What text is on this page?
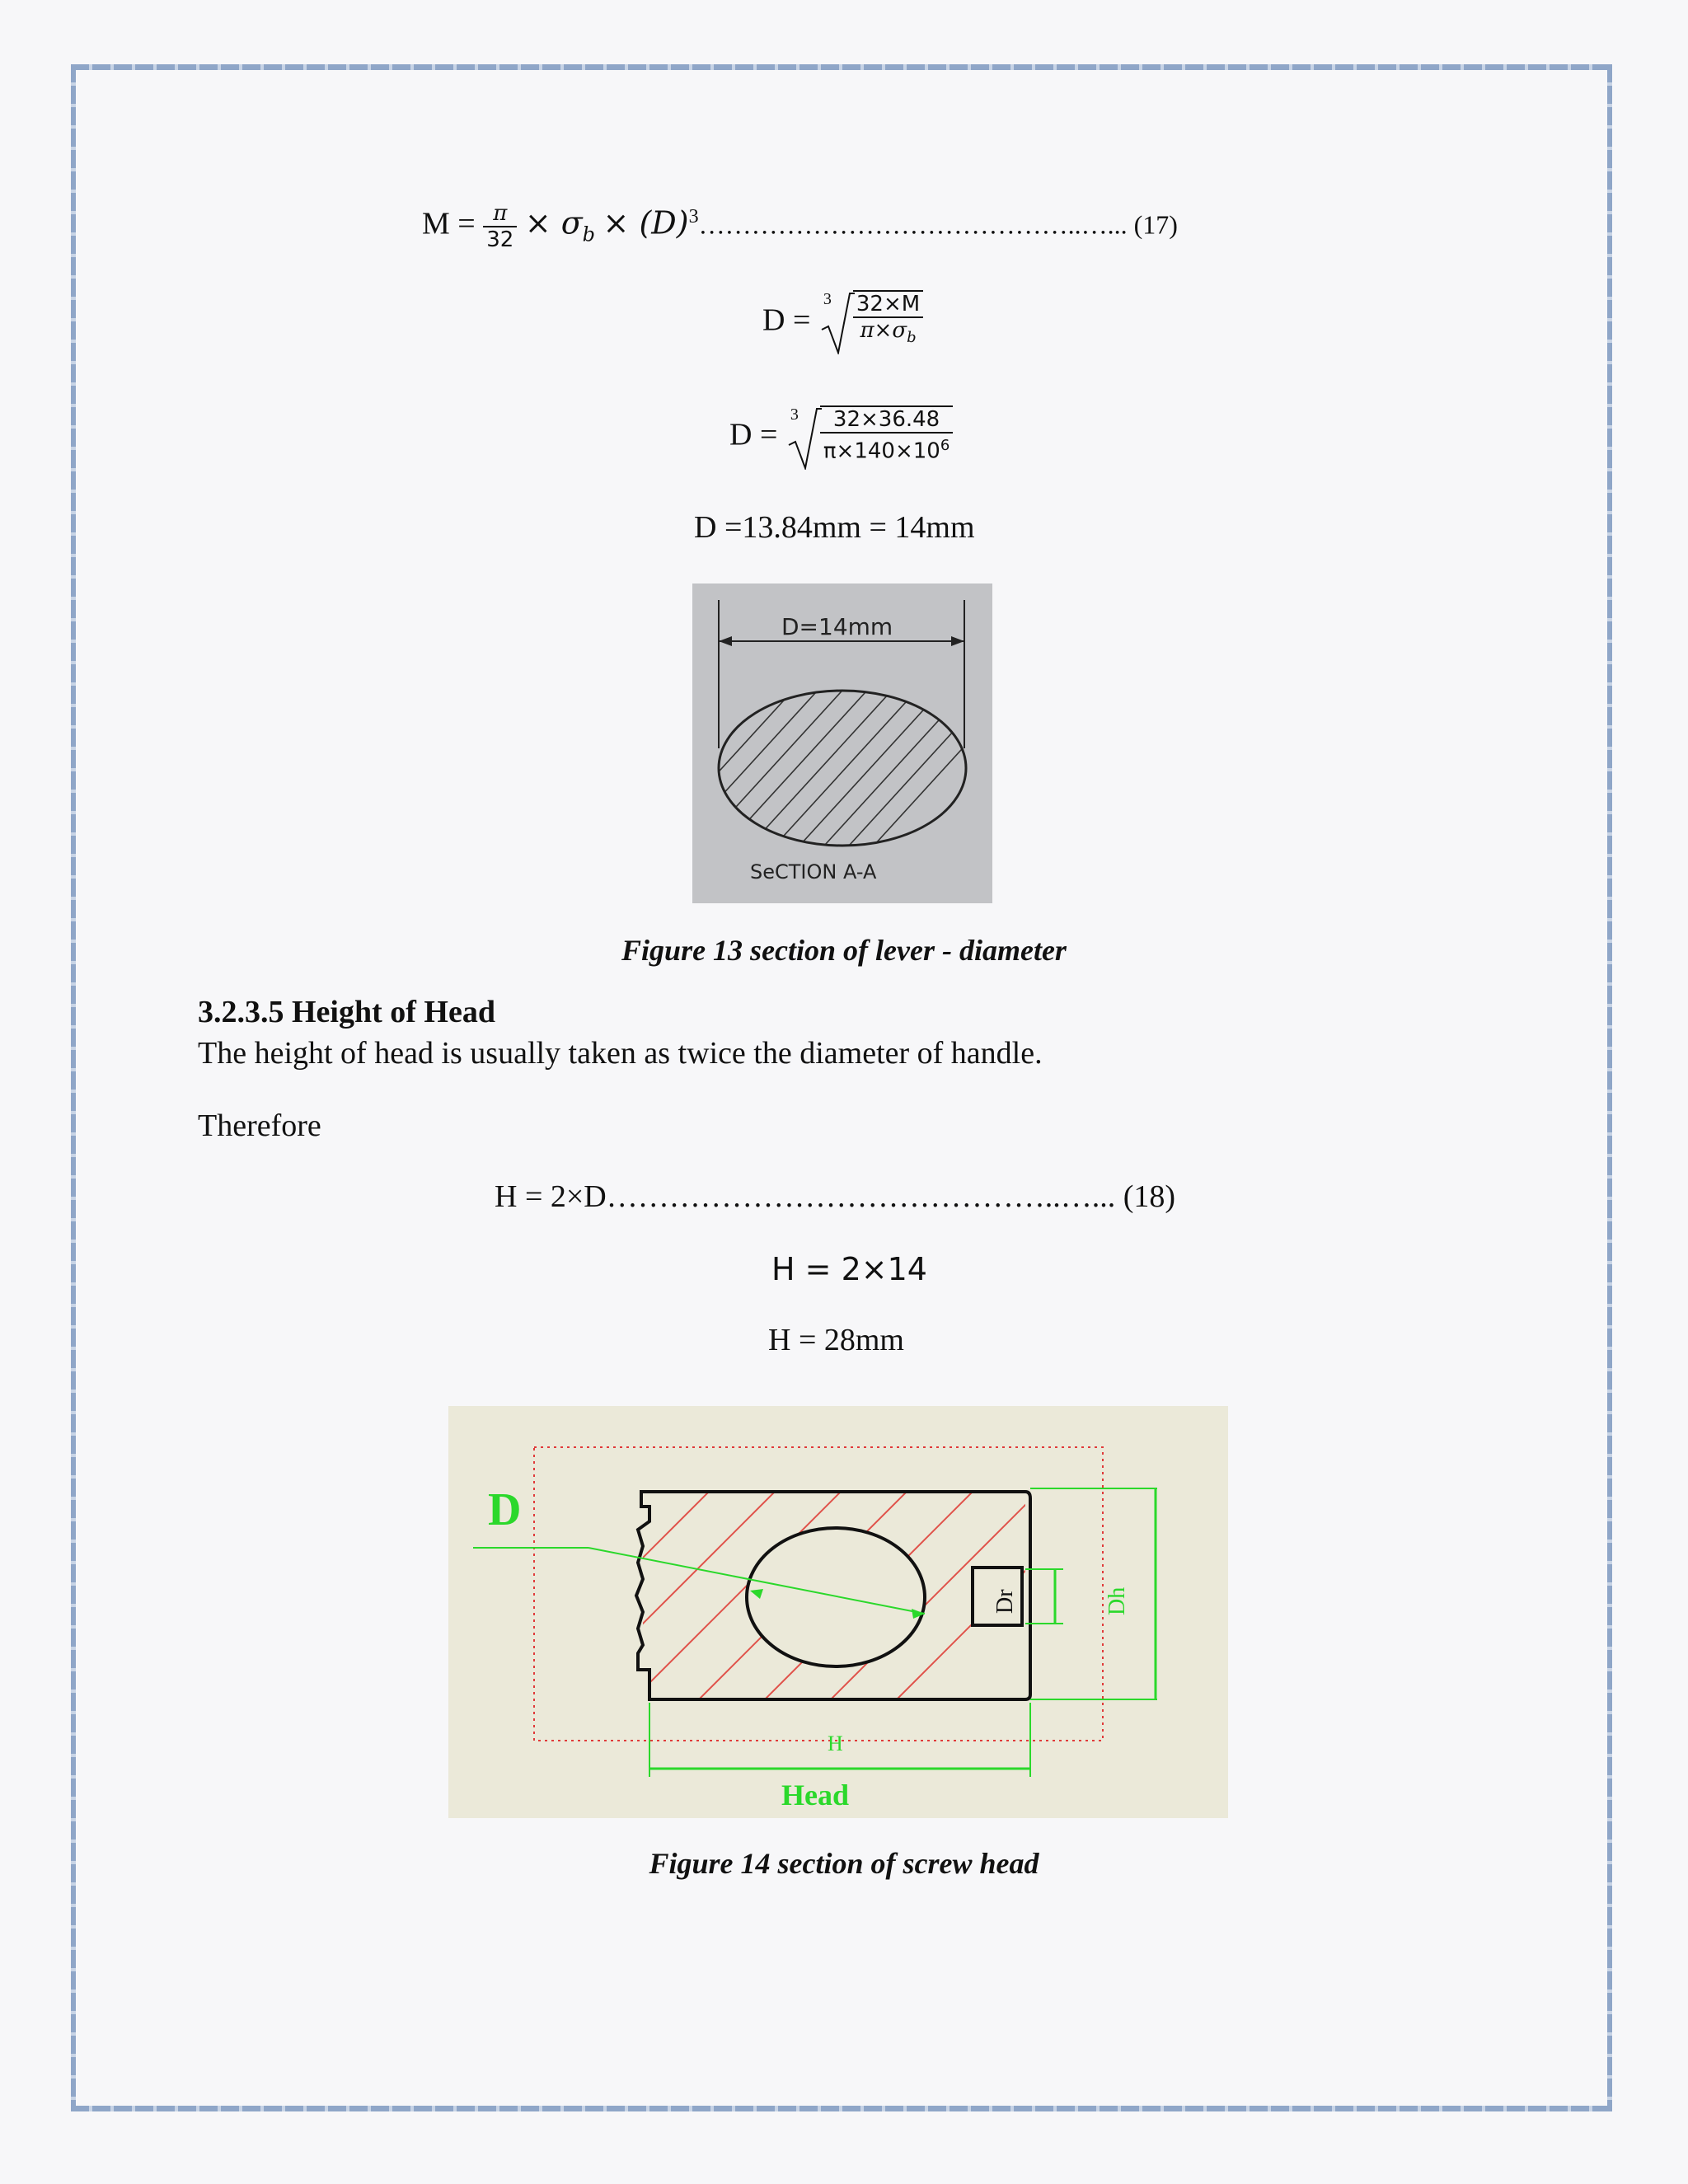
$M = \frac{\pi}{32} \times \sigma_b$ × $(D)^3\dots\dots\dots\dots\dots\dots\dots\dots\dots\dots\dots\dots\dots\dots..\dots$... (17)
D =
$3 \frac{32\times M}{\pi\times\sigma_b}$
D =
$3 \frac{32\times 36.48}{\pi\times 140\times 10^6}$
D =13.84mm = 14mm
D=14mm
SeCTION A-A
Figure 13 section of lever - diameter
3.2.3.5 Height of Head
The height of head is usually taken as twice the diameter of handle.
Therefore
H = 2×D……………………………………..…... (18)
H = 2×14
H = 28mm
D
Dr	Dh
H
Head
Figure 14 section of screw head
